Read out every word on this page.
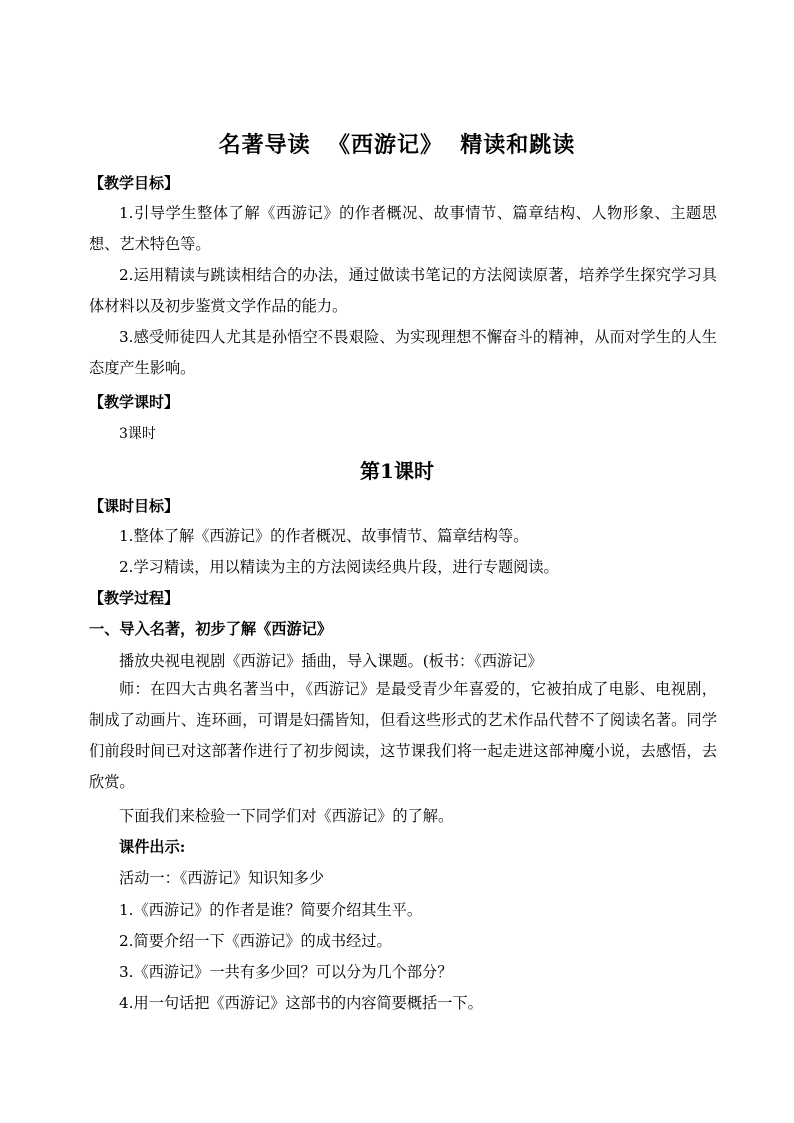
名著导读  《西游记》  精读和跳读
【教学目标】
1.引导学生整体了解《西游记》的作者概况、故事情节、篇章结构、人物形象、主题思想、艺术特色等。
2.运用精读与跳读相结合的办法，通过做读书笔记的方法阅读原著，培养学生探究学习具体材料以及初步鉴赏文学作品的能力。
3.感受师徒四人尤其是孙悟空不畏艰险、为实现理想不懈奋斗的精神，从而对学生的人生态度产生影响。
【教学课时】
3课时
第1课时
【课时目标】
1.整体了解《西游记》的作者概况、故事情节、篇章结构等。
2.学习精读，用以精读为主的方法阅读经典片段，进行专题阅读。
【教学过程】
一、导入名著，初步了解《西游记》
播放央视电视剧《西游记》插曲，导入课题。(板书：《西游记》
师：在四大古典名著当中，《西游记》是最受青少年喜爱的，它被拍成了电影、电视剧，制成了动画片、连环画，可谓是妇孺皆知，但看这些形式的艺术作品代替不了阅读名著。同学们前段时间已对这部著作进行了初步阅读，这节课我们将一起走进这部神魔小说，去感悟，去欣赏。
下面我们来检验一下同学们对《西游记》的了解。
课件出示:
活动一：《西游记》知识知多少
1.《西游记》的作者是谁？简要介绍其生平。
2.简要介绍一下《西游记》的成书经过。
3.《西游记》一共有多少回？可以分为几个部分？
4.用一句话把《西游记》这部书的内容简要概括一下。
